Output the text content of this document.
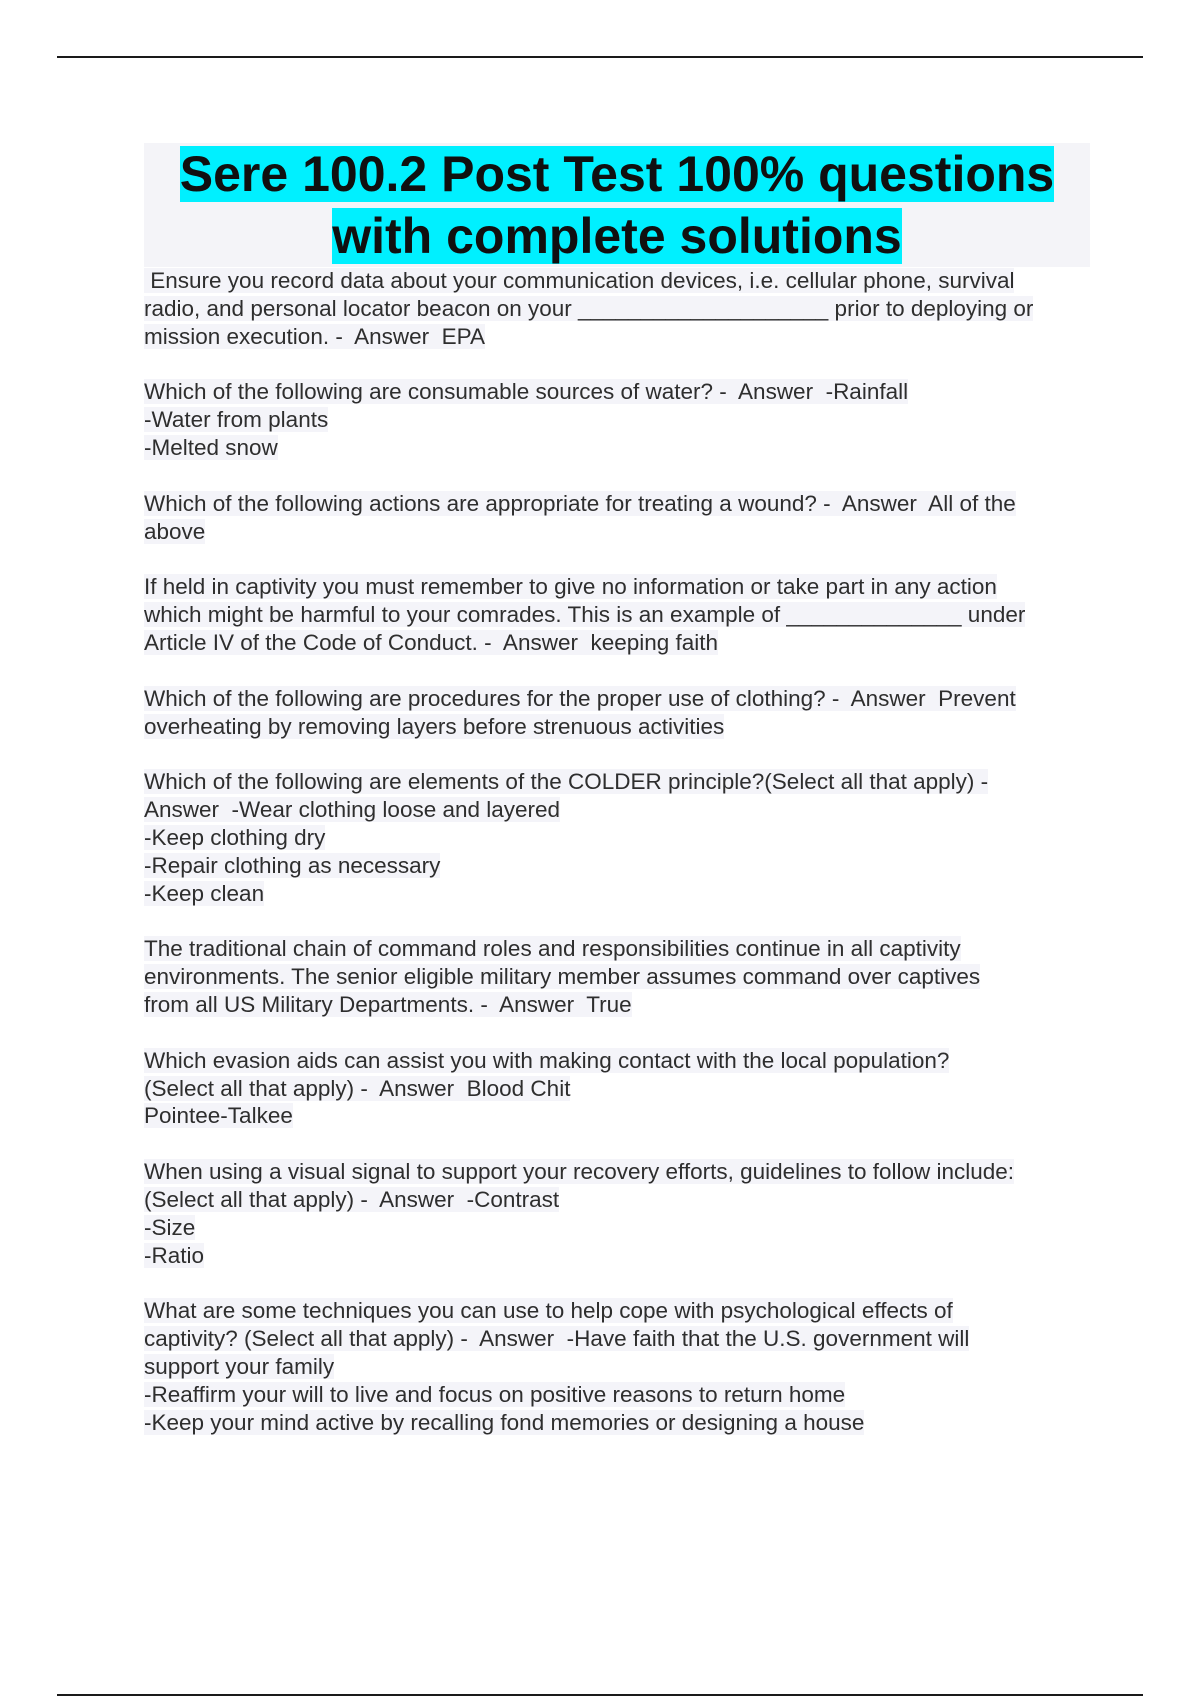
Sere 100.2 Post Test 100% questions
with complete solutions
Ensure you record data about your communication devices, i.e. cellular phone, survival
radio, and personal locator beacon on your ____________________ prior to deploying or
mission execution. -  Answer  EPA
Which of the following are consumable sources of water? -  Answer  -Rainfall
-Water from plants
-Melted snow
Which of the following actions are appropriate for treating a wound? -  Answer  All of the
above
If held in captivity you must remember to give no information or take part in any action
which might be harmful to your comrades. This is an example of ______________ under
Article IV of the Code of Conduct. -  Answer  keeping faith
Which of the following are procedures for the proper use of clothing? -  Answer  Prevent
overheating by removing layers before strenuous activities
Which of the following are elements of the COLDER principle?(Select all that apply) -
Answer  -Wear clothing loose and layered
-Keep clothing dry
-Repair clothing as necessary
-Keep clean
The traditional chain of command roles and responsibilities continue in all captivity
environments. The senior eligible military member assumes command over captives
from all US Military Departments. -  Answer  True
Which evasion aids can assist you with making contact with the local population?
(Select all that apply) -  Answer  Blood Chit
Pointee-Talkee
When using a visual signal to support your recovery efforts, guidelines to follow include:
(Select all that apply) -  Answer  -Contrast
-Size
-Ratio
What are some techniques you can use to help cope with psychological effects of
captivity? (Select all that apply) -  Answer  -Have faith that the U.S. government will
support your family
-Reaffirm your will to live and focus on positive reasons to return home
-Keep your mind active by recalling fond memories or designing a house
